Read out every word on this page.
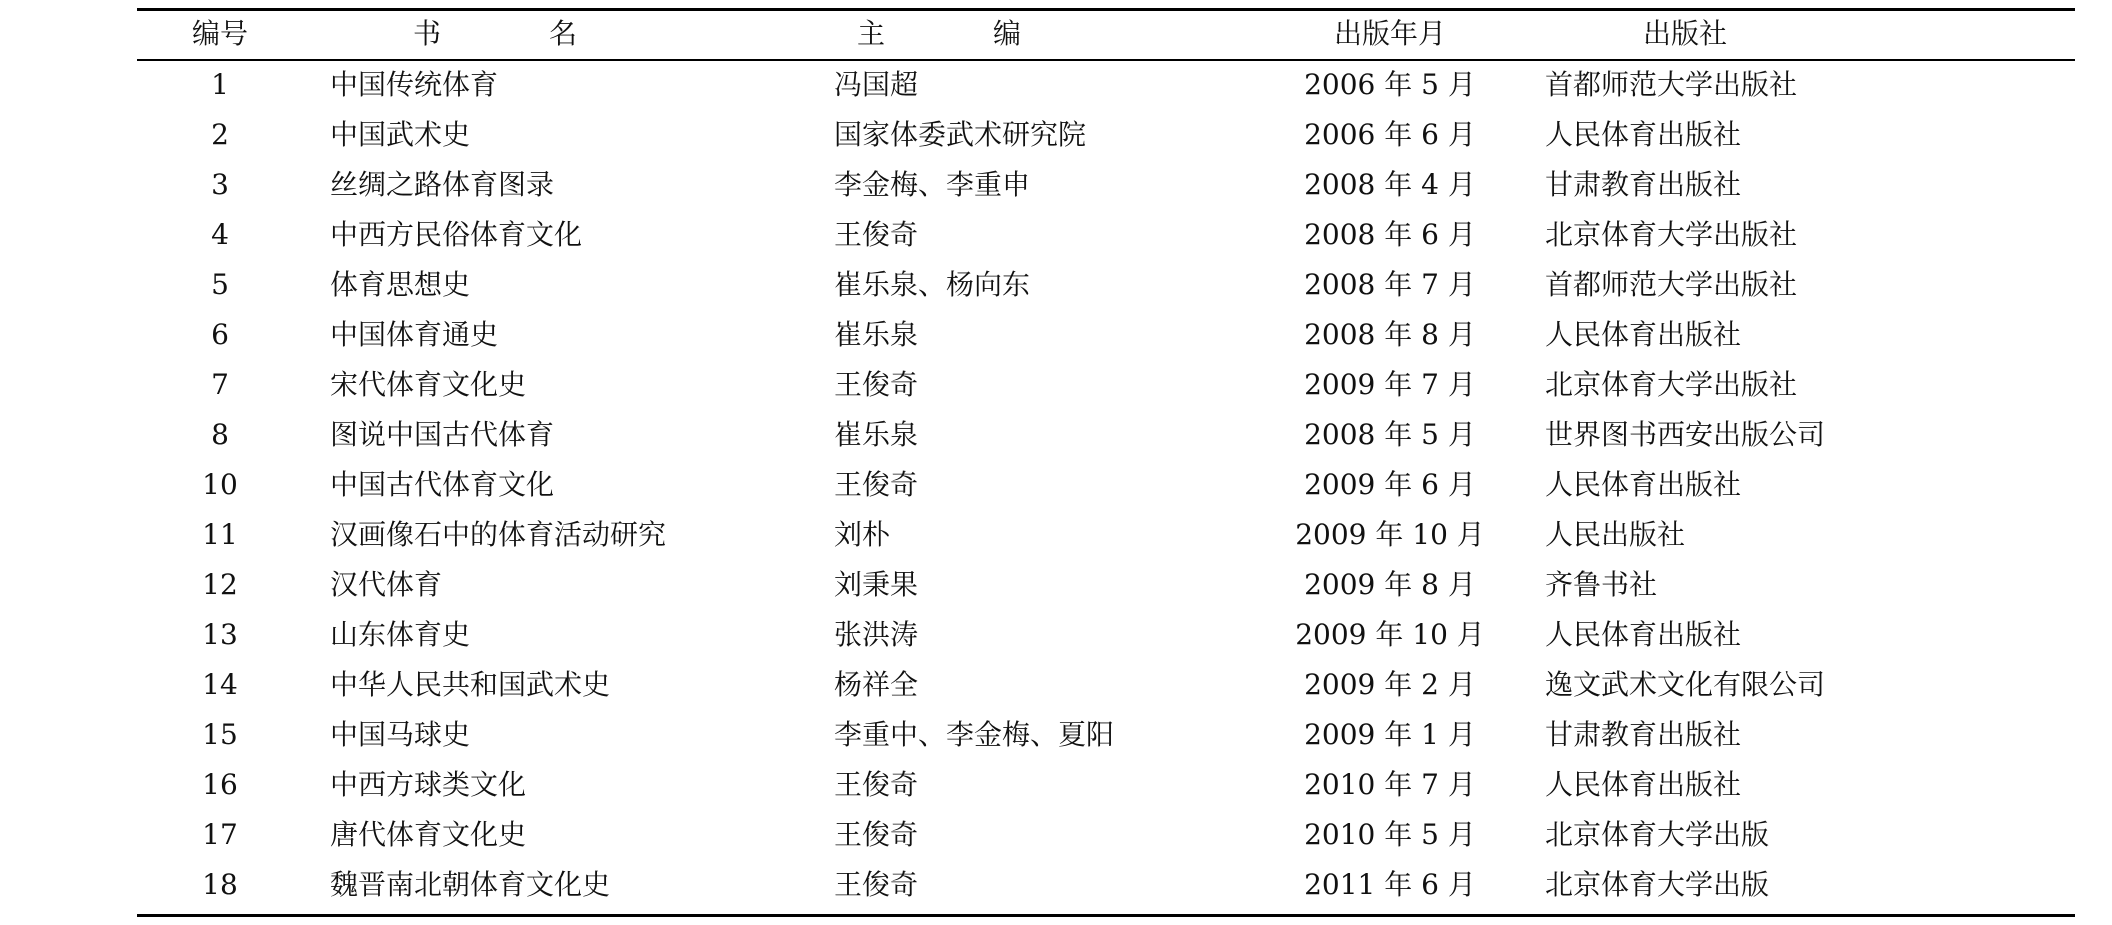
编号	书　名	主　编	出版年月	出版社
1	中国传统体育	冯国超	2006 年 5 月	首都师范大学出版社
2	中国武术史	国家体委武术研究院	2006 年 6 月	人民体育出版社
3	丝绸之路体育图录	李金梅、李重申	2008 年 4 月	甘肃教育出版社
4	中西方民俗体育文化	王俊奇	2008 年 6 月	北京体育大学出版社
5	体育思想史	崔乐泉、杨向东	2008 年 7 月	首都师范大学出版社
6	中国体育通史	崔乐泉	2008 年 8 月	人民体育出版社
7	宋代体育文化史	王俊奇	2009 年 7 月	北京体育大学出版社
8	图说中国古代体育	崔乐泉	2008 年 5 月	世界图书西安出版公司
10	中国古代体育文化	王俊奇	2009 年 6 月	人民体育出版社
11	汉画像石中的体育活动研究	刘朴	2009 年 10 月	人民出版社
12	汉代体育	刘秉果	2009 年 8 月	齐鲁书社
13	山东体育史	张洪涛	2009 年 10 月	人民体育出版社
14	中华人民共和国武术史	杨祥全	2009 年 2 月	逸文武术文化有限公司
15	中国马球史	李重中、李金梅、夏阳	2009 年 1 月	甘肃教育出版社
16	中西方球类文化	王俊奇	2010 年 7 月	人民体育出版社
17	唐代体育文化史	王俊奇	2010 年 5 月	北京体育大学出版
18	魏晋南北朝体育文化史	王俊奇	2011 年 6 月	北京体育大学出版
